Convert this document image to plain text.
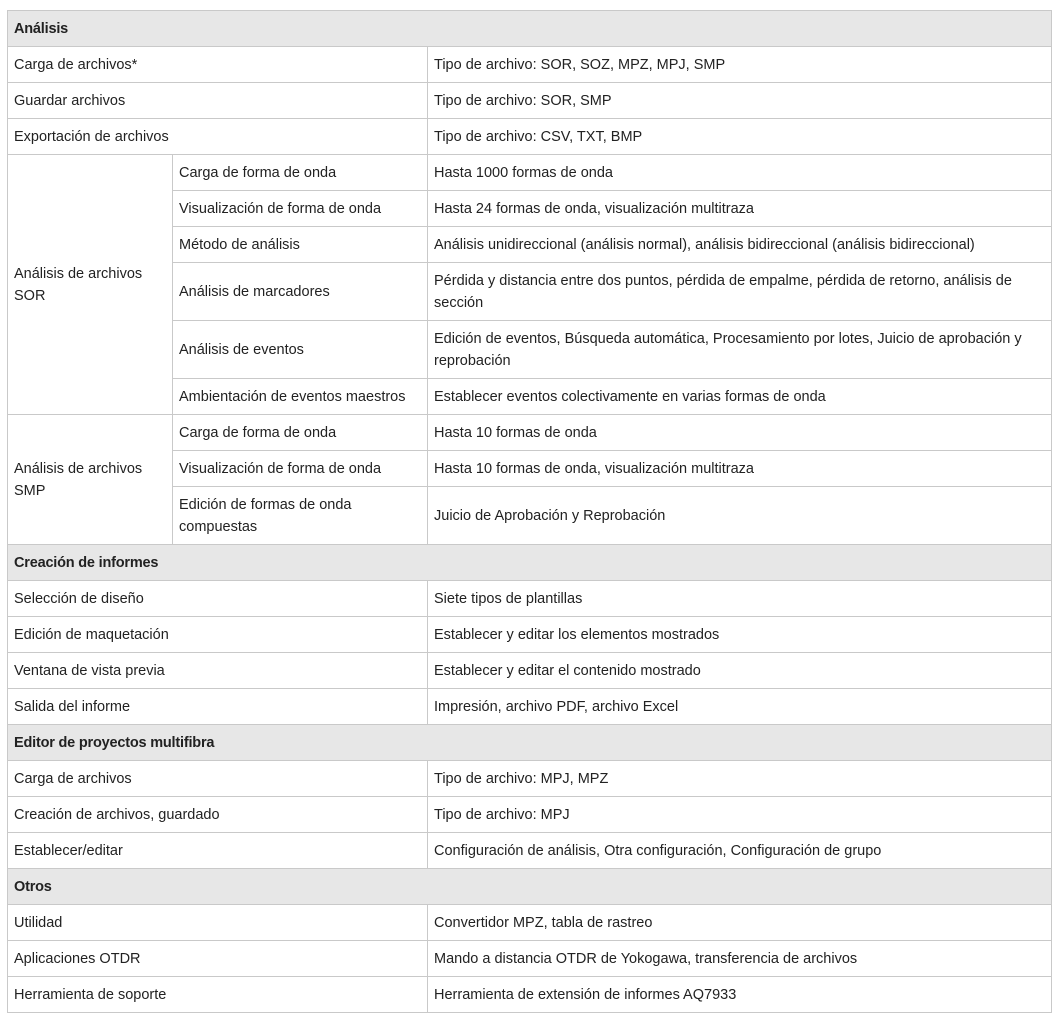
Análisis		
Carga de archivos*		Tipo de archivo: SOR, SOZ, MPZ, MPJ, SMP
Guardar archivos		Tipo de archivo: SOR, SMP
Exportación de archivos		Tipo de archivo: CSV, TXT, BMP
Análisis de archivos SOR	Carga de forma de onda	Hasta 1000 formas de onda
	Visualización de forma de onda	Hasta 24 formas de onda, visualización multitraza
	Método de análisis	Análisis unidireccional (análisis normal), análisis bidireccional (análisis bidireccional)
	Análisis de marcadores	Pérdida y distancia entre dos puntos, pérdida de empalme, pérdida de retorno, análisis de sección
	Análisis de eventos	Edición de eventos, Búsqueda automática, Procesamiento por lotes, Juicio de aprobación y reprobación
	Ambientación de eventos maestros	Establecer eventos colectivamente en varias formas de onda
Análisis de archivos SMP	Carga de forma de onda	Hasta 10 formas de onda
	Visualización de forma de onda	Hasta 10 formas de onda, visualización multitraza
	Edición de formas de onda compuestas	Juicio de Aprobación y Reprobación
Creación de informes		
Selección de diseño		Siete tipos de plantillas
Edición de maquetación		Establecer y editar los elementos mostrados
Ventana de vista previa		Establecer y editar el contenido mostrado
Salida del informe		Impresión, archivo PDF, archivo Excel
Editor de proyectos multifibra		
Carga de archivos		Tipo de archivo: MPJ, MPZ
Creación de archivos, guardado		Tipo de archivo: MPJ
Establecer/editar		Configuración de análisis, Otra configuración, Configuración de grupo
Otros		
Utilidad		Convertidor MPZ, tabla de rastreo
Aplicaciones OTDR		Mando a distancia OTDR de Yokogawa, transferencia de archivos
Herramienta de soporte		Herramienta de extensión de informes AQ7933
